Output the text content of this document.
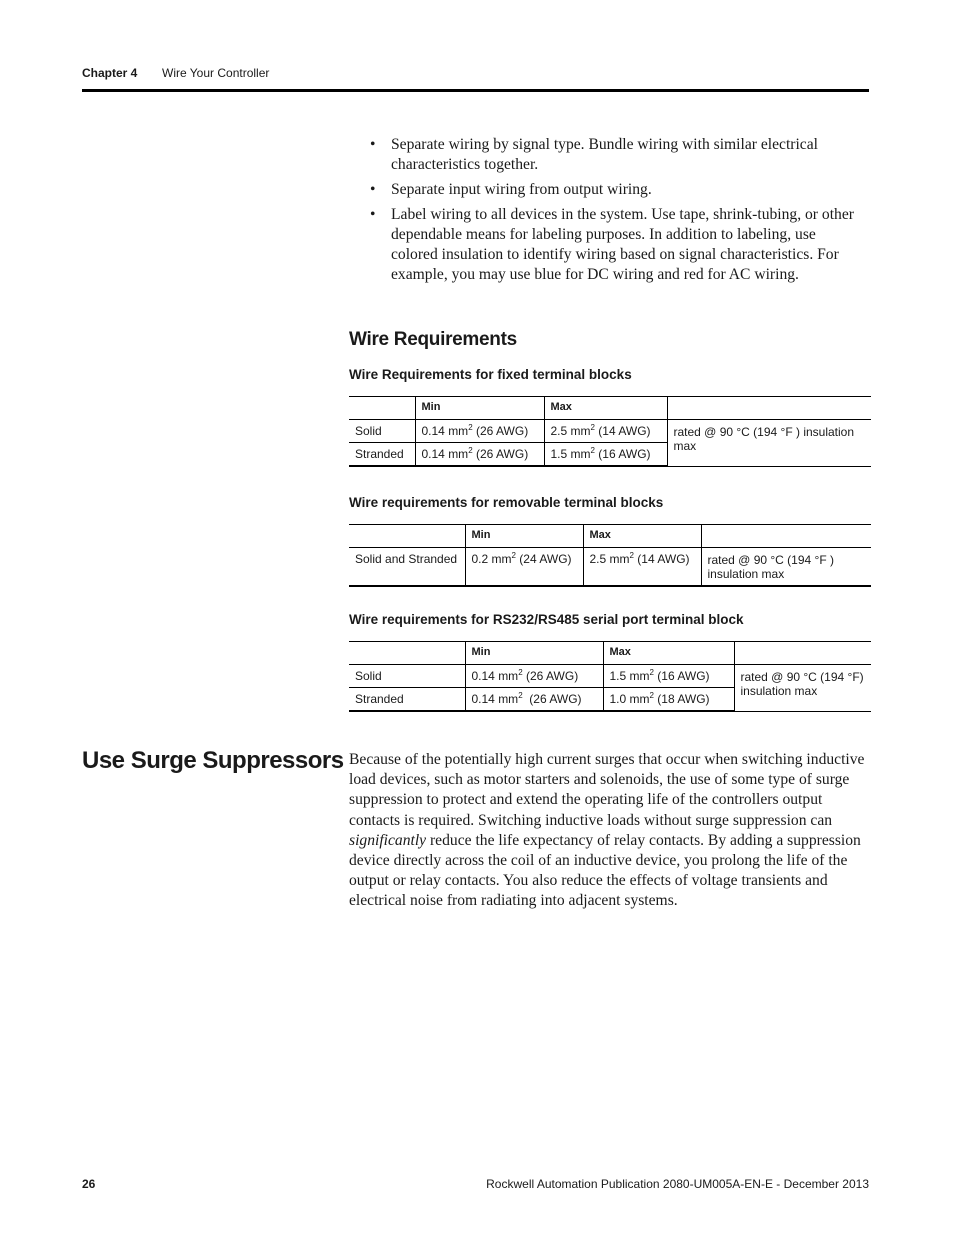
Chapter 4 Wire Your Controller
• Separate wiring by signal type. Bundle wiring with similar electrical characteristics together.
• Separate input wiring from output wiring.
• Label wiring to all devices in the system. Use tape, shrink-tubing, or other dependable means for labeling purposes. In addition to labeling, use colored insulation to identify wiring based on signal characteristics. For example, you may use blue for DC wiring and red for AC wiring.
Wire Requirements
Wire Requirements for fixed terminal blocks
	Min	Max	
Solid	0.14 $mm^2$ (26 AWG)	2.5 $mm^2$ (14 AWG)	rated @ 90 °C (194 °F ) insulation max
Stranded	0.14 $mm^2$ (26 AWG)	1.5 $mm^2$ (16 AWG)	
Wire requirements for removable terminal blocks
	Min	Max	
Solid and Stranded	0.2 $mm^2$ (24 AWG)	2.5 $mm^2$ (14 AWG)	rated @ 90 °C (194 °F ) insulation max
Wire requirements for RS232/RS485 serial port terminal block
	Min	Max	
Solid	0.14 $mm^2$ (26 AWG)	1.5 $mm^2$ (16 AWG)	rated @ 90 °C (194 °F) insulation max
Stranded	0.14 $mm^2$  (26 AWG)	1.0 $mm^2$ (18 AWG)	
Use Surge Suppressors Because of the potentially high current surges that occur when switching inductive load devices, such as motor starters and solenoids, the use of some type of surge suppression to protect and extend the operating life of the controllers output contacts is required. Switching inductive loads without surge suppression can significantly reduce the life expectancy of relay contacts. By adding a suppression device directly across the coil of an inductive device, you prolong the life of the output or relay contacts. You also reduce the effects of voltage transients and electrical noise from radiating into adjacent systems.

26	Rockwell Automation Publication 2080-UM005A-EN-E - December 2013
